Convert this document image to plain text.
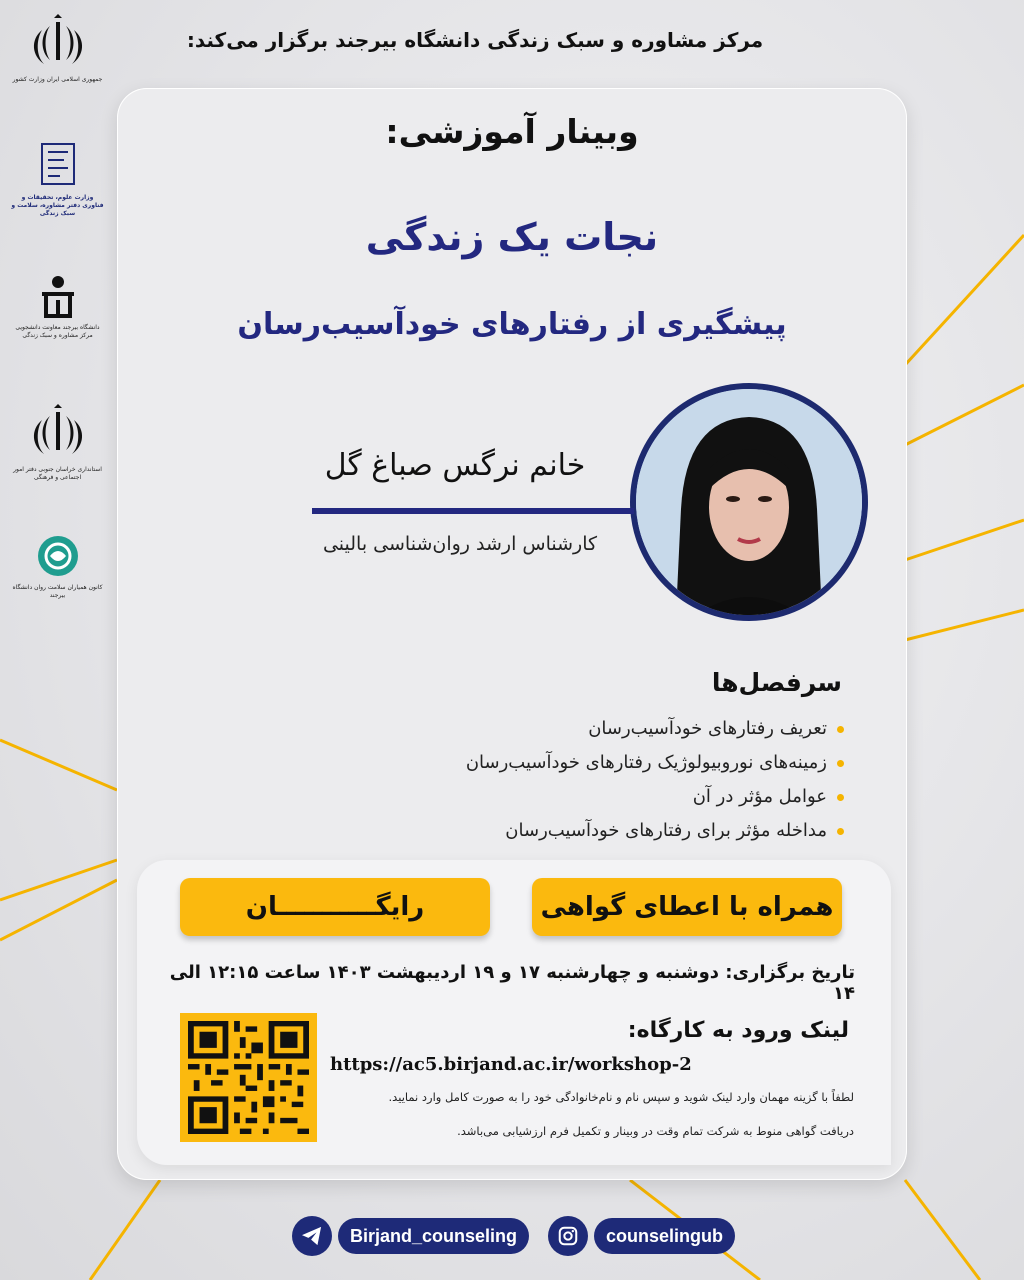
مرکز مشاوره و سبک زندگی دانشگاه بیرجند برگزار می‌کند:
جمهوری اسلامی ایران وزارت کشور
وزارت علوم، تحقیقات و فناوری دفتر مشاوره، سلامت و سبک زندگی
دانشگاه بیرجند معاونت دانشجویی مرکز مشاوره و سبک زندگی
استانداری خراسان جنوبی دفتر امور اجتماعی و فرهنگی
کانون همیاران سلامت روان دانشگاه بیرجند
وبینار آموزشی:
نجات یک زندگی
پیشگیری از رفتارهای خودآسیب‌رسان
خانم نرگس صباغ گل
کارشناس ارشد روان‌شناسی بالینی
سرفصل‌ها
تعریف رفتارهای خودآسیب‌رسان
زمینه‌های نوروبیولوژیک رفتارهای خودآسیب‌رسان
عوامل مؤثر در آن
مداخله مؤثر برای رفتارهای خودآسیب‌رسان
همراه با اعطای گواهی
رایگـــــــــــان
تاریخ برگزاری: دوشنبه و چهارشنبه ۱۷ و ۱۹ اردیبهشت ۱۴۰۳ ساعت ۱۲:۱۵ الی ۱۴
لینک ورود به کارگاه:
https://ac5.birjand.ac.ir/workshop-2
لطفاً با گزینه مهمان وارد لینک شوید و سپس نام و نام‌خانوادگی خود را به صورت کامل وارد نمایید.
دریافت گواهی منوط به شرکت تمام وقت در وبینار و تکمیل فرم ارزشیابی می‌باشد.
Birjand_counseling	counselingub
